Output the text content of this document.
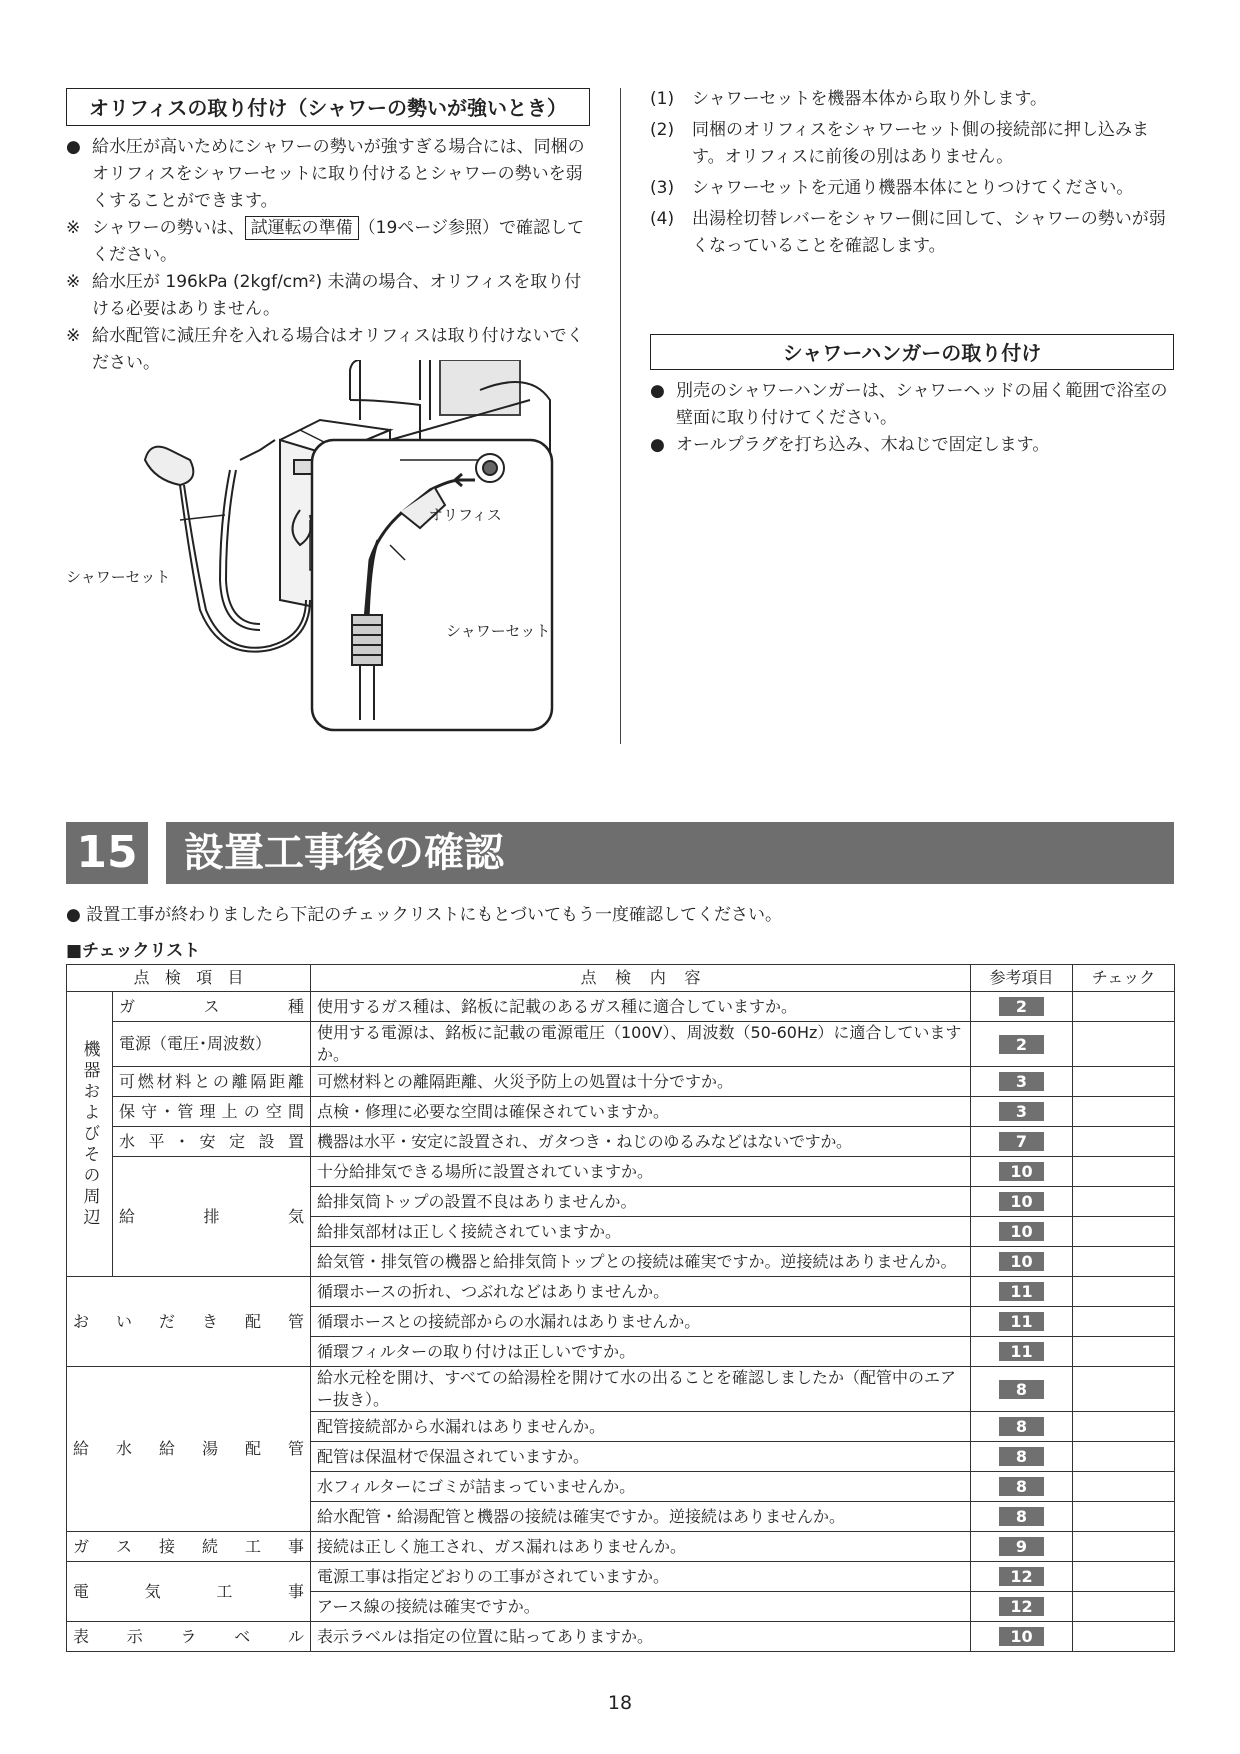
オリフィスの取り付け（シャワーの勢いが強いとき）
● 給水圧が高いためにシャワーの勢いが強すぎる場合には、同梱のオリフィスをシャワーセットに取り付けるとシャワーの勢いを弱くすることができます。
※ シャワーの勢いは、 試運転の準備 （19ページ参照）で確認してください。
※ 給水圧が 196kPa (2kgf/cm²) 未満の場合、オリフィスを取り付ける必要はありません。
※ 給水配管に減圧弁を入れる場合はオリフィスは取り付けないでください。
シャワーセット
オリフィス
シャワーセット
(1) シャワーセットを機器本体から取り外します。
(2) 同梱のオリフィスをシャワーセット側の接続部に押し込みます。オリフィスに前後の別はありません。
(3) シャワーセットを元通り機器本体にとりつけてください。
(4) 出湯栓切替レバーをシャワー側に回して、シャワーの勢いが弱くなっていることを確認します。
シャワーハンガーの取り付け
● 別売のシャワーハンガーは、シャワーヘッドの届く範囲で浴室の壁面に取り付けてください。
● オールプラグを打ち込み、木ねじで固定します。
15	設置工事後の確認
● 設置工事が終わりましたら下記のチェックリストにもとづいてもう一度確認してください。
■チェックリスト
点検項目		点検内容	参考項目	チェック

機器およびその周辺	ガス種	使用するガス種は、銘板に記載のあるガス種に適合していますか。	2	

	電源（電圧･周波数）	使用する電源は、銘板に記載の電源電圧（100V）、周波数（50-60Hz）に適合していますか。	2	

	可燃材料との離隔距離	可燃材料との離隔距離、火災予防上の処置は十分ですか。	3	

	保守･管理上の空間	点検・修理に必要な空間は確保されていますか。	3	

	水平･安定設置	機器は水平・安定に設置され、ガタつき・ねじのゆるみなどはないですか。	7	

	給排気	十分給排気できる場所に設置されていますか。	10	

		給排気筒トップの設置不良はありませんか。	10	

		給排気部材は正しく接続されていますか。	10	

		給気管・排気管の機器と給排気筒トップとの接続は確実ですか。逆接続はありませんか。	10	

おいだき配管		循環ホースの折れ、つぶれなどはありませんか。	11	

		循環ホースとの接続部からの水漏れはありませんか。	11	

		循環フィルターの取り付けは正しいですか。	11	

給水給湯配管		給水元栓を開け、すべての給湯栓を開けて水の出ることを確認しましたか（配管中のエアー抜き）。	8	

		配管接続部から水漏れはありませんか。	8	

		配管は保温材で保温されていますか。	8	

		水フィルターにゴミが詰まっていませんか。	8	

		給水配管・給湯配管と機器の接続は確実ですか。逆接続はありませんか。	8	

ガス接続工事		接続は正しく施工され、ガス漏れはありませんか。	9	

電気工事		電源工事は指定どおりの工事がされていますか。	12	

		アース線の接続は確実ですか。	12	

表示ラベル		表示ラベルは指定の位置に貼ってありますか。	10	

18
